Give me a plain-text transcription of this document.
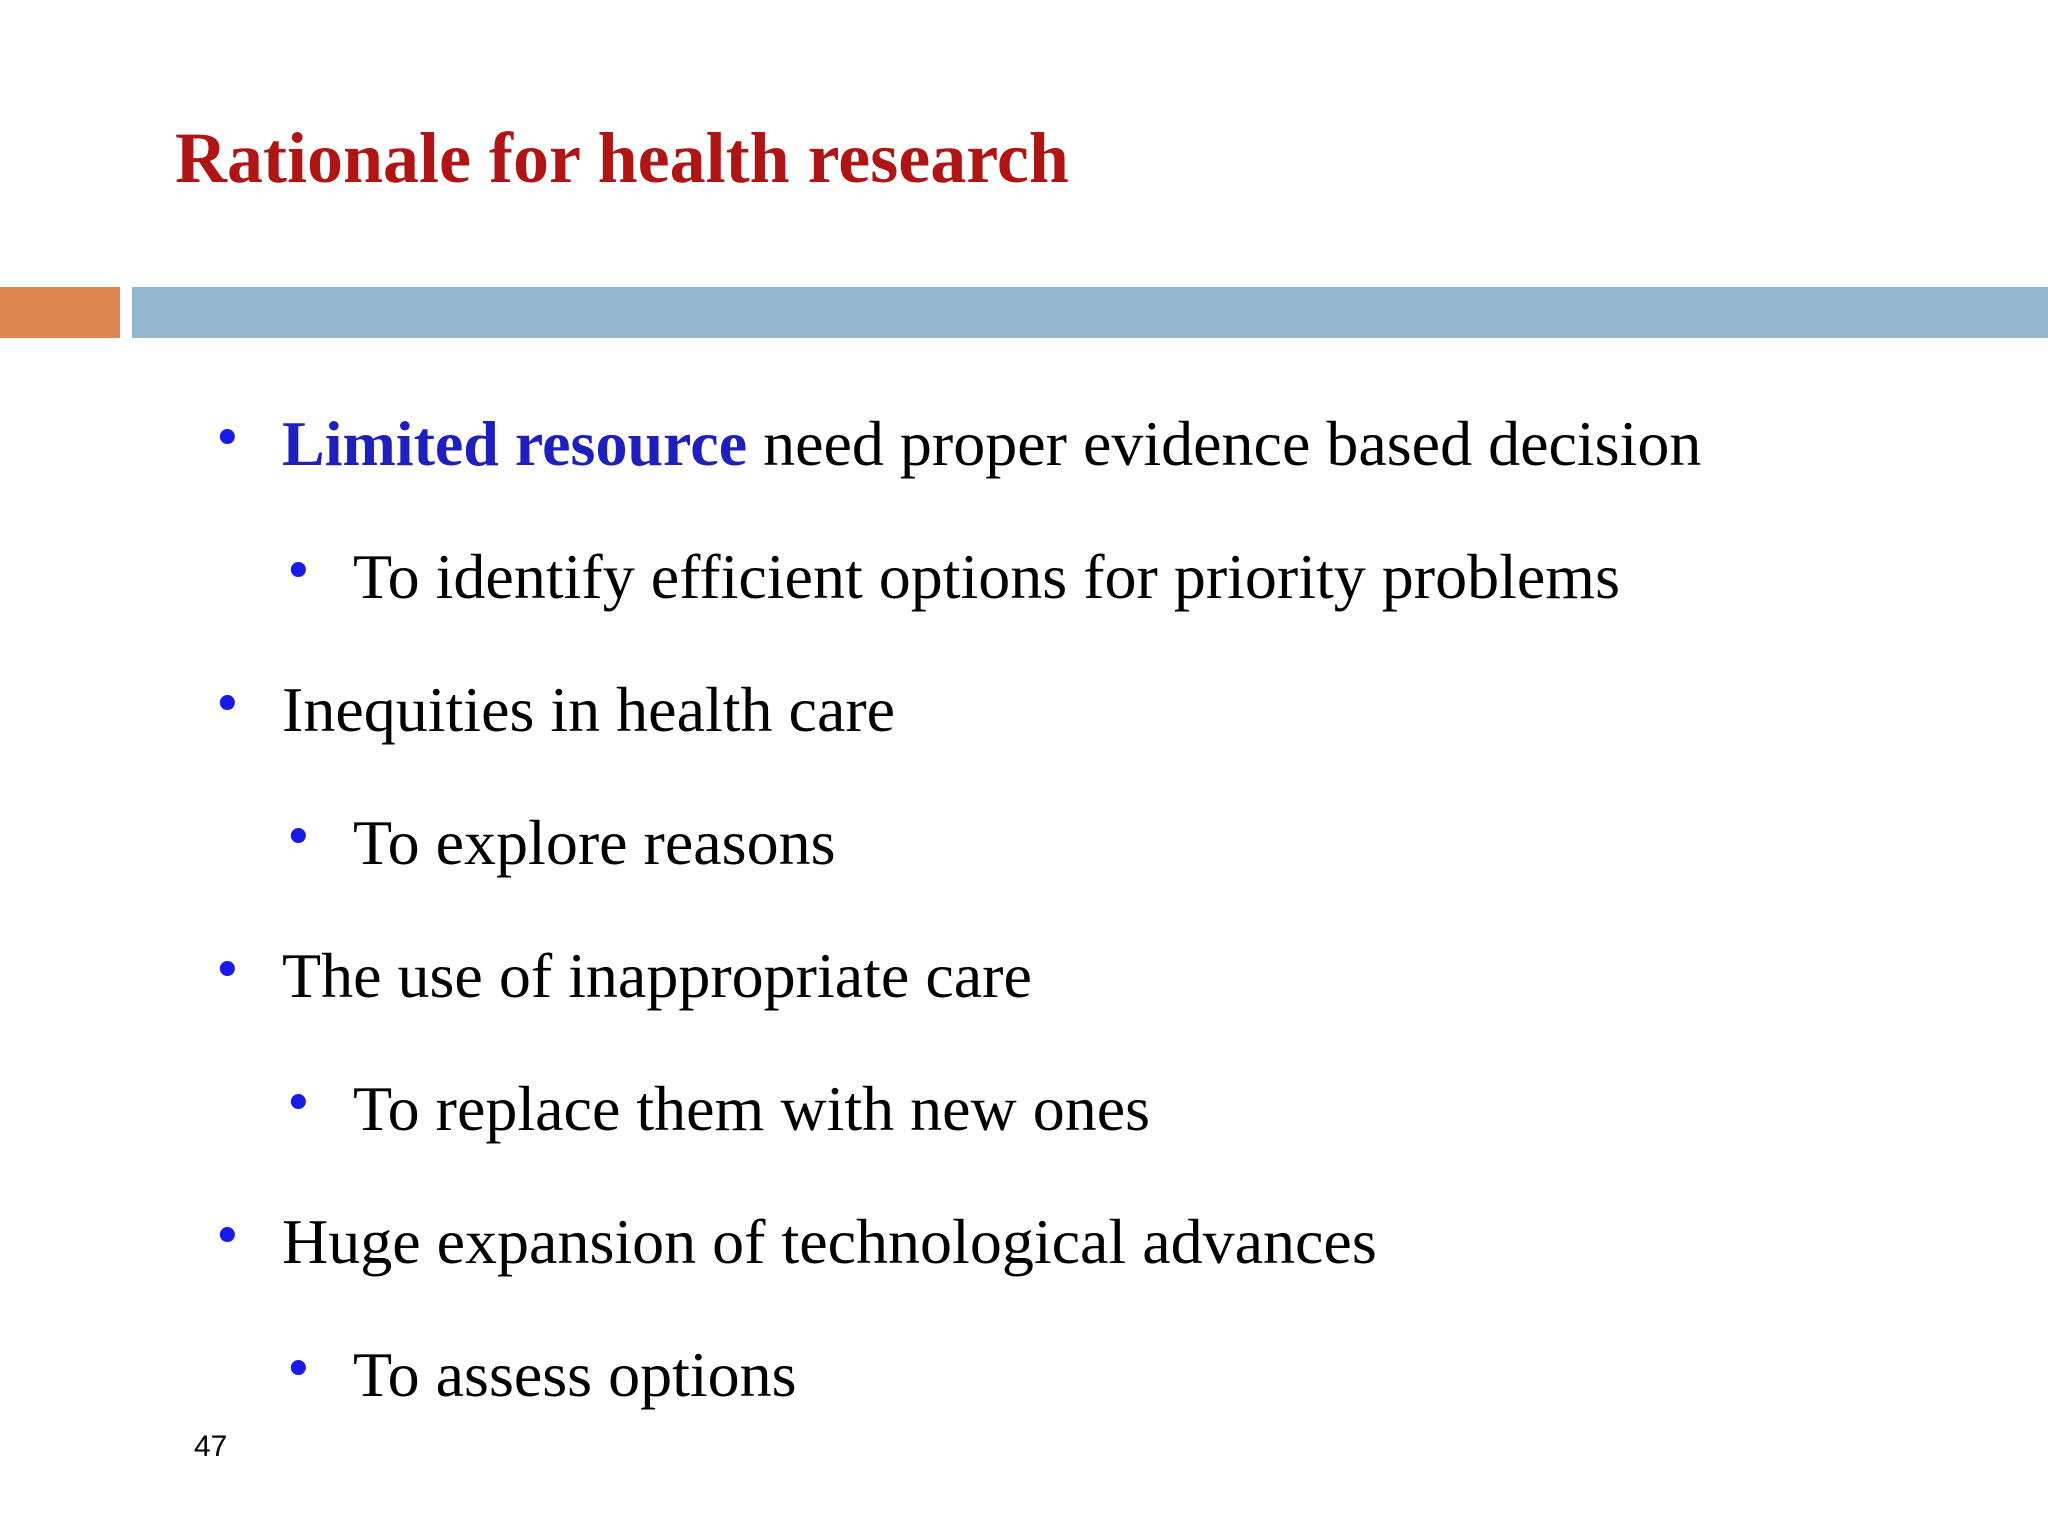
Rationale for health research
• Limited resource need proper evidence based decision
• To identify efficient options for priority problems
• Inequities in health care
• To explore reasons
• The use of inappropriate care
• To replace them with new ones
• Huge expansion of technological advances
• To assess options
47
